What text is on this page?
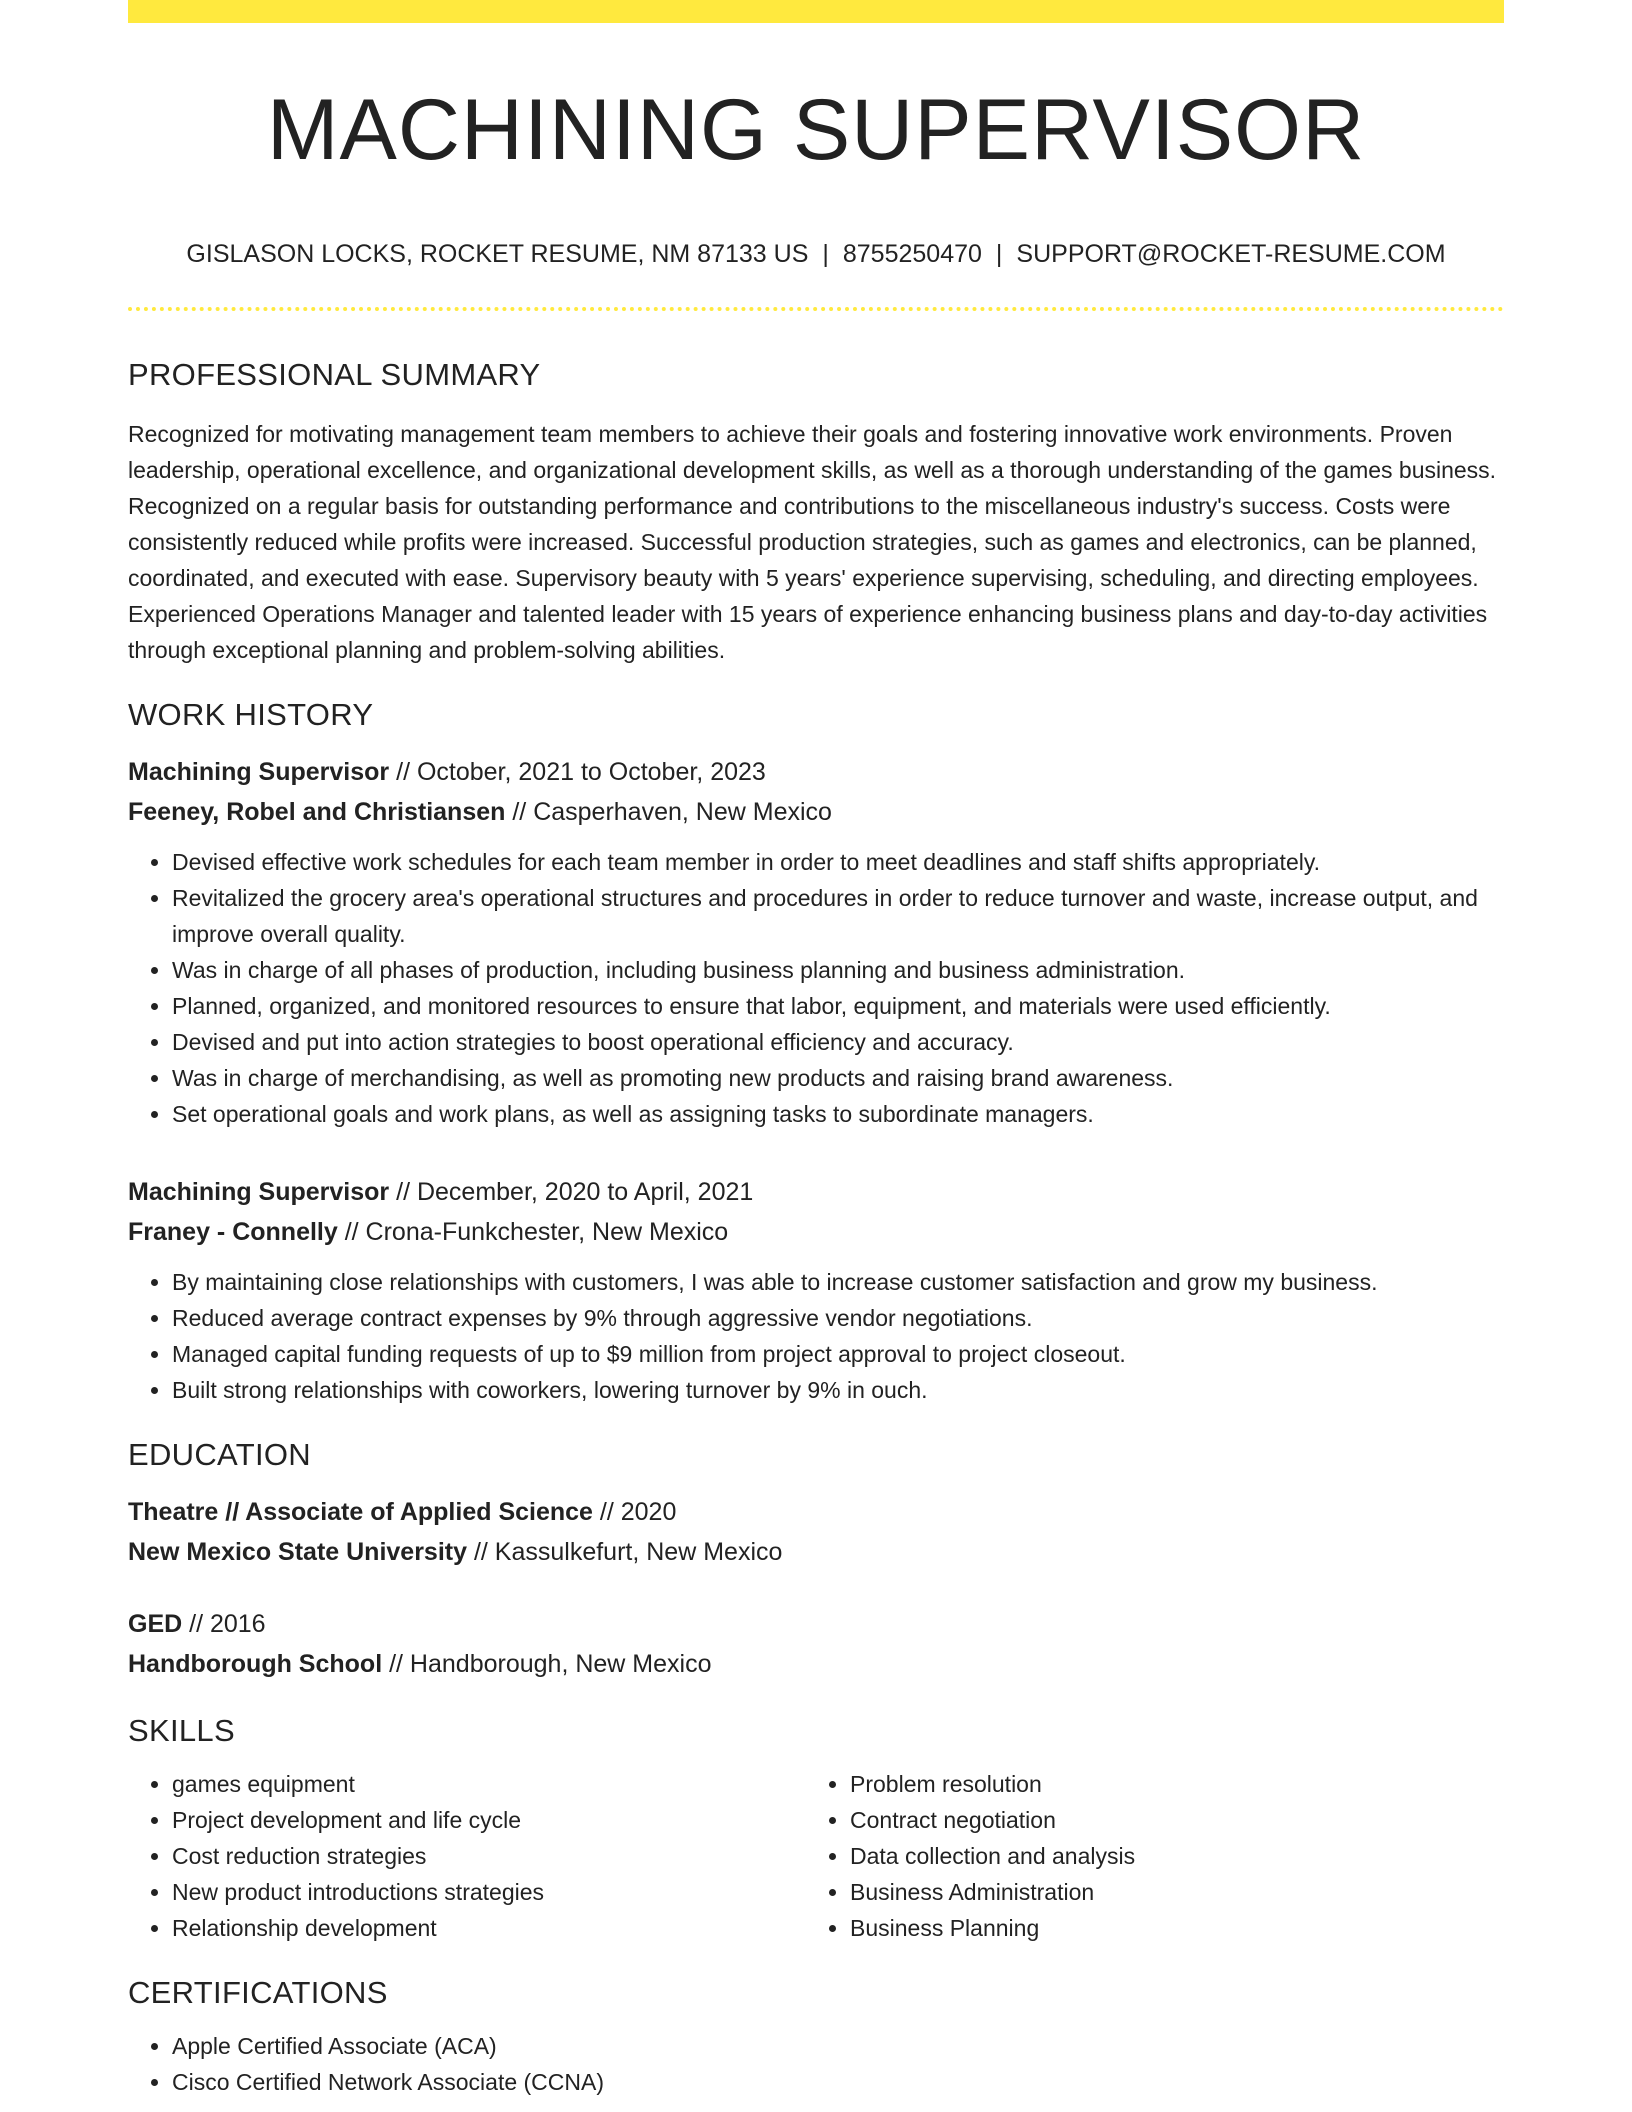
MACHINING SUPERVISOR
GISLASON LOCKS, ROCKET RESUME, NM 87133 US | 8755250470 | SUPPORT@ROCKET-RESUME.COM
PROFESSIONAL SUMMARY

Recognized for motivating management team members to achieve their goals and fostering innovative work environments. Proven leadership, operational excellence, and organizational development skills, as well as a thorough understanding of the games business. Recognized on a regular basis for outstanding performance and contributions to the miscellaneous industry's success. Costs were consistently reduced while profits were increased. Successful production strategies, such as games and electronics, can be planned, coordinated, and executed with ease. Supervisory beauty with 5 years' experience supervising, scheduling, and directing employees. Experienced Operations Manager and talented leader with 15 years of experience enhancing business plans and day-to-day activities through exceptional planning and problem-solving abilities.

WORK HISTORY
Machining Supervisor // October, 2021 to October, 2023
Feeney, Robel and Christiansen // Casperhaven, New Mexico
• Devised effective work schedules for each team member in order to meet deadlines and staff shifts appropriately.
• Revitalized the grocery area's operational structures and procedures in order to reduce turnover and waste, increase output, and improve overall quality.
• Was in charge of all phases of production, including business planning and business administration.
• Planned, organized, and monitored resources to ensure that labor, equipment, and materials were used efficiently.
• Devised and put into action strategies to boost operational efficiency and accuracy.
• Was in charge of merchandising, as well as promoting new products and raising brand awareness.
• Set operational goals and work plans, as well as assigning tasks to subordinate managers.
Machining Supervisor // December, 2020 to April, 2021
Franey - Connelly // Crona-Funkchester, New Mexico
• By maintaining close relationships with customers, I was able to increase customer satisfaction and grow my business.
• Reduced average contract expenses by 9% through aggressive vendor negotiations.
• Managed capital funding requests of up to $9 million from project approval to project closeout.
• Built strong relationships with coworkers, lowering turnover by 9% in ouch.
EDUCATION
Theatre // Associate of Applied Science // 2020
New Mexico State University // Kassulkefurt, New Mexico
GED // 2016
Handborough School // Handborough, New Mexico
SKILLS
• games equipment
• Project development and life cycle
• Cost reduction strategies
• New product introductions strategies
• Relationship development
• Problem resolution
• Contract negotiation
• Data collection and analysis
• Business Administration
• Business Planning
CERTIFICATIONS
• Apple Certified Associate (ACA)
• Cisco Certified Network Associate (CCNA)
